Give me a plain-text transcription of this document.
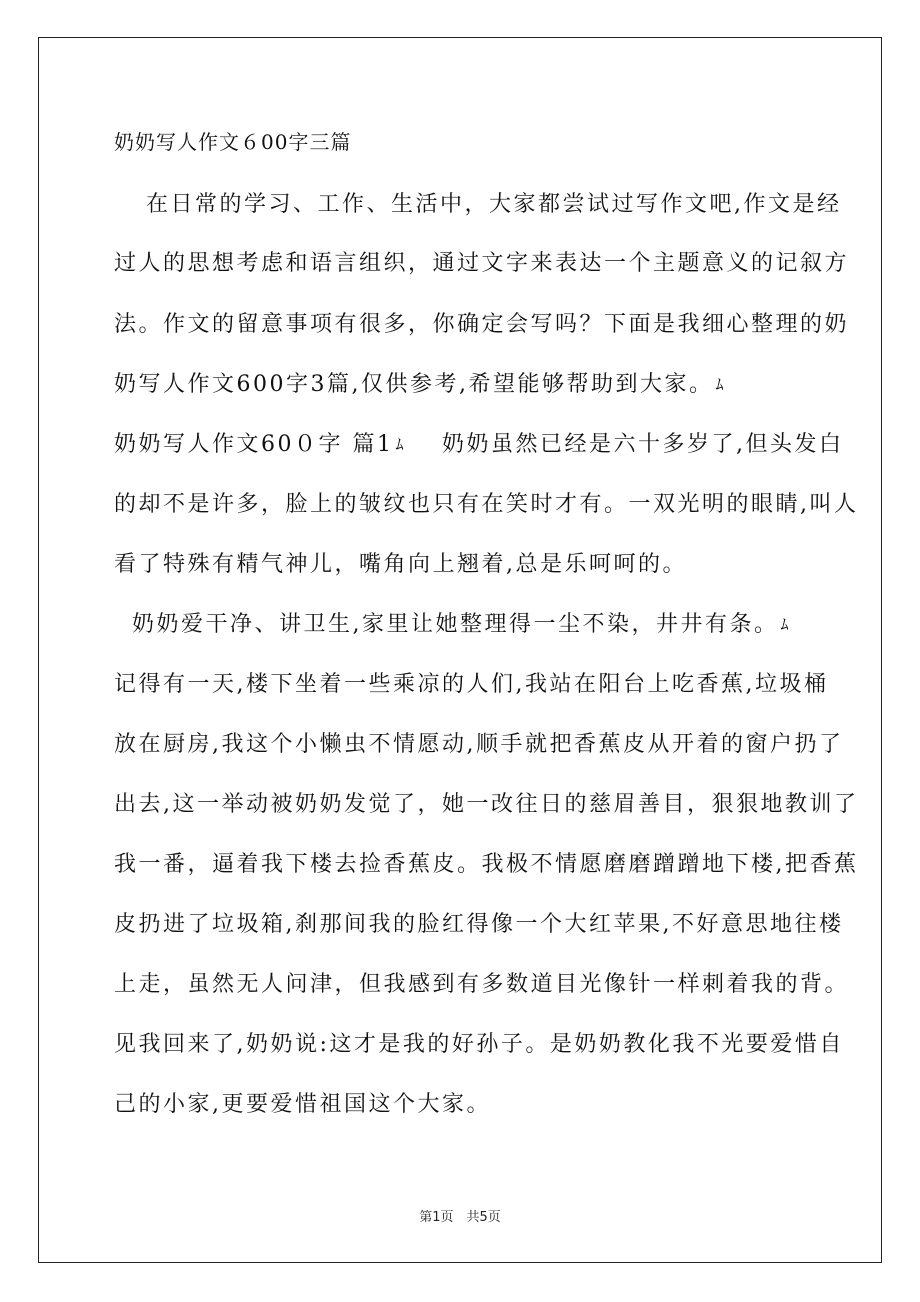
奶奶写人作文６00字三篇
在日常的学习、工作、生活中，大家都尝试过写作文吧,作文是经
过人的思想考虑和语言组织，通过文字来表达一个主题意义的记叙方
法。作文的留意事项有很多，你确定会写吗？下面是我细心整理的奶
奶写人作文600字3篇,仅供参考,希望能够帮助到大家。 ﾑ
奶奶写人作文60０字 篇1 ﾑ 奶奶虽然已经是六十多岁了,但头发白
的却不是许多，脸上的皱纹也只有在笑时才有。一双光明的眼睛,叫人
看了特殊有精气神儿，嘴角向上翘着,总是乐呵呵的。
奶奶爱干净、讲卫生,家里让她整理得一尘不染，井井有条。 ﾑ
记得有一天,楼下坐着一些乘凉的人们,我站在阳台上吃香蕉,垃圾桶
放在厨房,我这个小懒虫不情愿动,顺手就把香蕉皮从开着的窗户扔了
出去,这一举动被奶奶发觉了，她一改往日的慈眉善目，狠狠地教训了
我一番，逼着我下楼去捡香蕉皮。我极不情愿磨磨蹭蹭地下楼,把香蕉
皮扔进了垃圾箱,刹那间我的脸红得像一个大红苹果,不好意思地往楼
上走，虽然无人问津，但我感到有多数道目光像针一样刺着我的背。
见我回来了,奶奶说:这才是我的好孙子。是奶奶教化我不光要爱惜自
己的小家,更要爱惜祖国这个大家。
第1页　共5页
